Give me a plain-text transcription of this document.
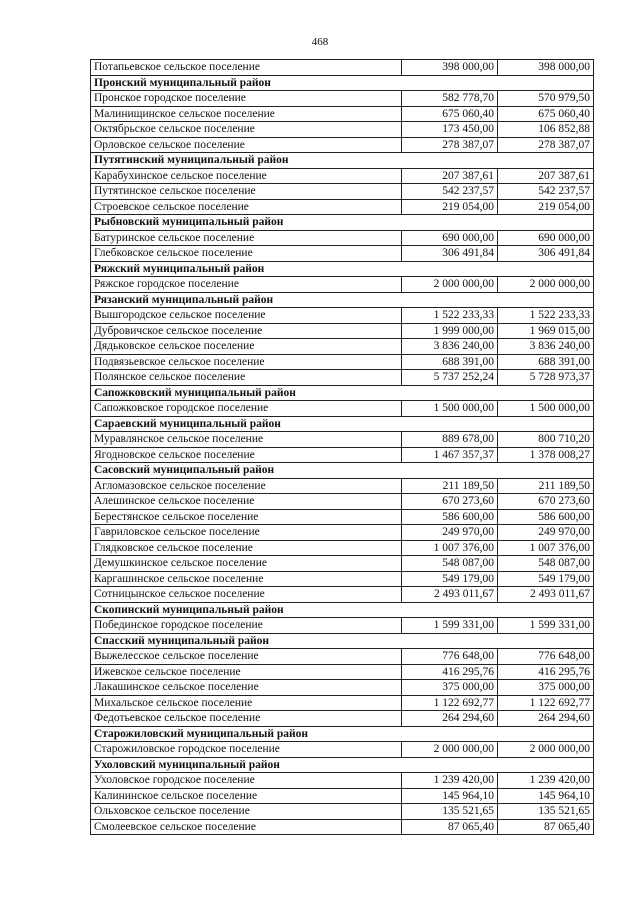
468
Потапьевское сельское поселение	398 000,00	398 000,00
Пронский муниципальный район		
Пронское городское поселение	582 778,70	570 979,50
Малинищинское сельское поселение	675 060,40	675 060,40
Октябрьское сельское поселение	173 450,00	106 852,88
Орловское сельское поселение	278 387,07	278 387,07
Путятинский муниципальный район		
Карабухинское сельское поселение	207 387,61	207 387,61
Путятинское сельское поселение	542 237,57	542 237,57
Строевское сельское поселение	219 054,00	219 054,00
Рыбновский муниципальный район		
Батуринское сельское поселение	690 000,00	690 000,00
Глебковское сельское поселение	306 491,84	306 491,84
Ряжский муниципальный район		
Ряжское городское поселение	2 000 000,00	2 000 000,00
Рязанский муниципальный район		
Вышгородское сельское поселение	1 522 233,33	1 522 233,33
Дубровичское сельское поселение	1 999 000,00	1 969 015,00
Дядьковское сельское поселение	3 836 240,00	3 836 240,00
Подвязьевское сельское поселение	688 391,00	688 391,00
Полянское сельское поселение	5 737 252,24	5 728 973,37
Сапожковский муниципальный район		
Сапожковское городское поселение	1 500 000,00	1 500 000,00
Сараевский муниципальный район		
Муравлянское сельское поселение	889 678,00	800 710,20
Ягодновское сельское поселение	1 467 357,37	1 378 008,27
Сасовский муниципальный район		
Агломазовское сельское поселение	211 189,50	211 189,50
Алешинское сельское поселение	670 273,60	670 273,60
Берестянское сельское поселение	586 600,00	586 600,00
Гавриловское сельское поселение	249 970,00	249 970,00
Глядковское сельское поселение	1 007 376,00	1 007 376,00
Демушкинское сельское поселение	548 087,00	548 087,00
Каргашинское сельское поселение	549 179,00	549 179,00
Сотницынское сельское поселение	2 493 011,67	2 493 011,67
Скопинский муниципальный район		
Побединское городское поселение	1 599 331,00	1 599 331,00
Спасский муниципальный район		
Выжелесское сельское поселение	776 648,00	776 648,00
Ижевское сельское поселение	416 295,76	416 295,76
Лакашинское сельское поселение	375 000,00	375 000,00
Михальское сельское поселение	1 122 692,77	1 122 692,77
Федотьевское сельское поселение	264 294,60	264 294,60
Старожиловский муниципальный район		
Старожиловское городское поселение	2 000 000,00	2 000 000,00
Ухоловский муниципальный район		
Ухоловское городское поселение	1 239 420,00	1 239 420,00
Калининское сельское поселение	145 964,10	145 964,10
Ольховское сельское поселение	135 521,65	135 521,65
Смолеевское сельское поселение	87 065,40	87 065,40
